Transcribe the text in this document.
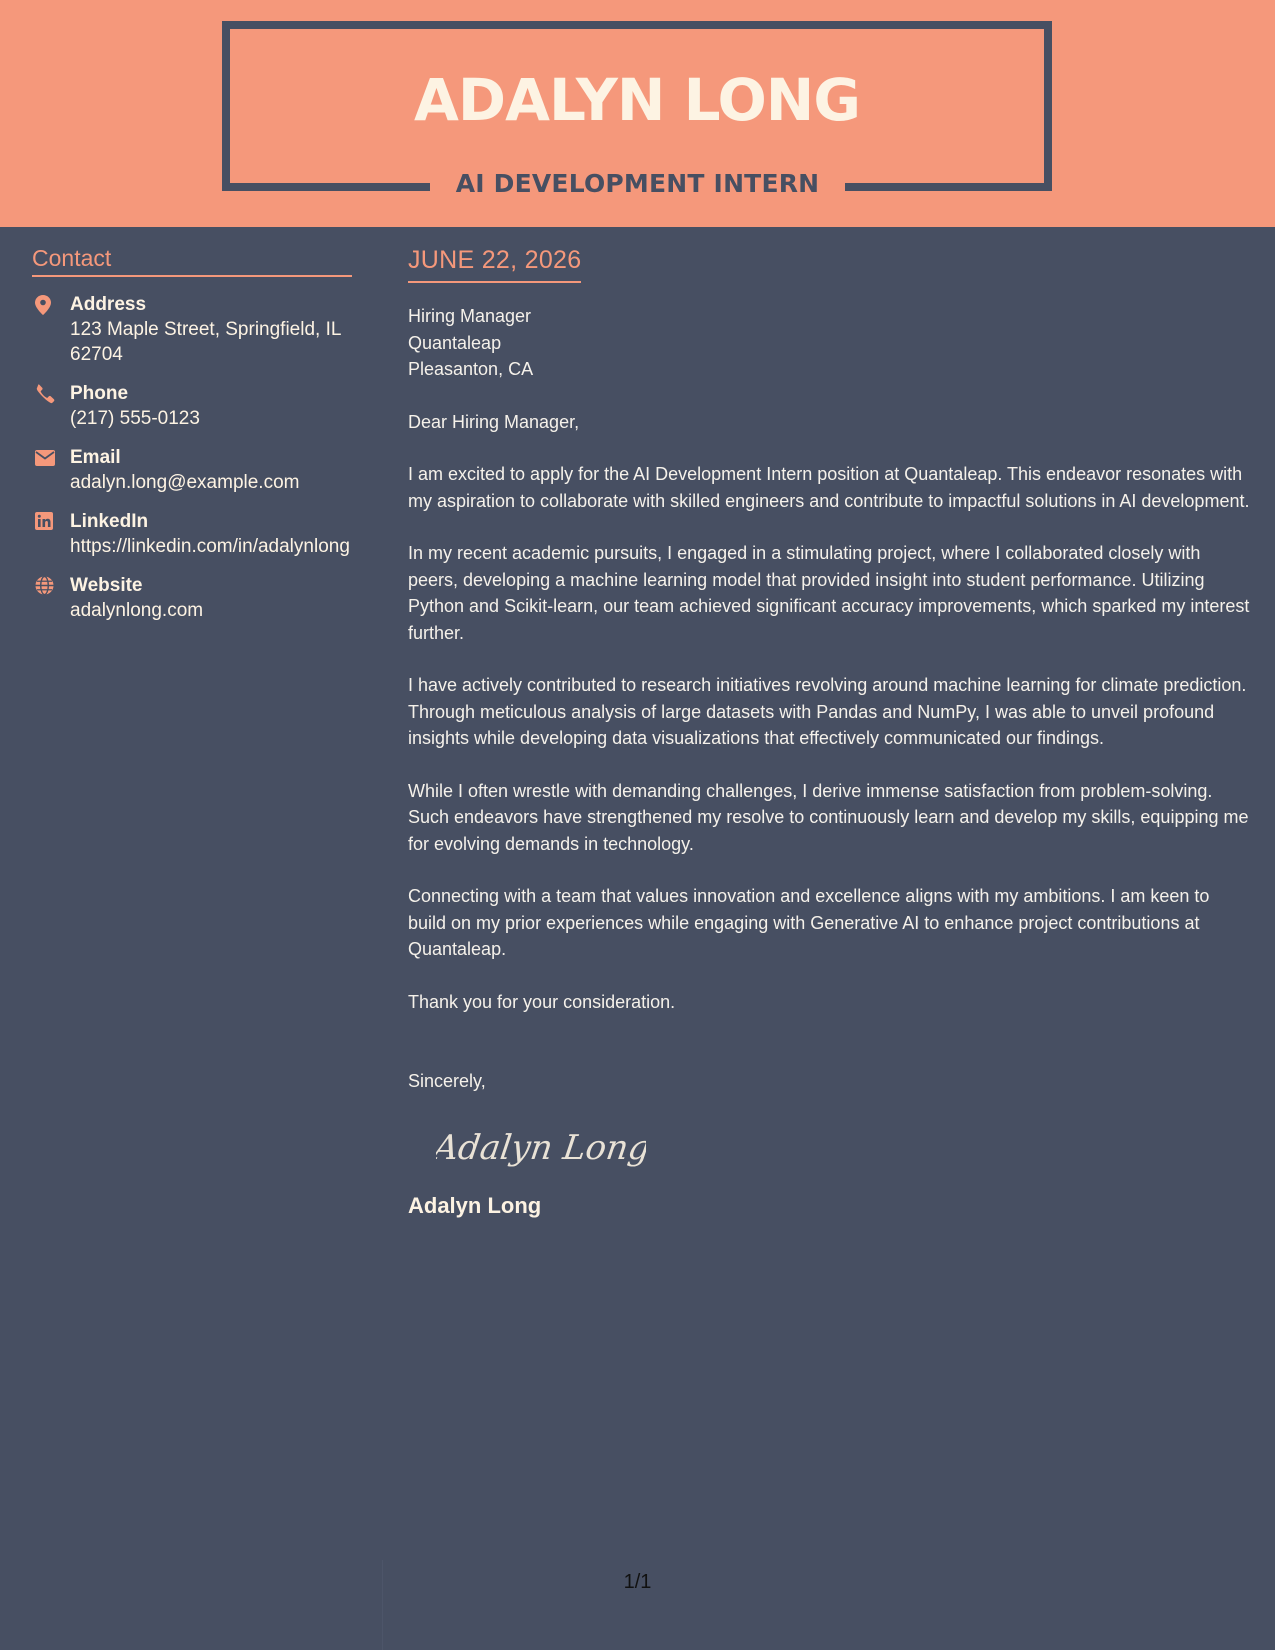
ADALYN LONG
AI DEVELOPMENT INTERN
Contact
Address
123 Maple Street, Springfield, IL 62704
Phone
(217) 555-0123
Email
adalyn.long@example.com
LinkedIn
https://linkedin.com/in/adalynlong
Website
adalynlong.com
JUNE 22, 2026
Hiring Manager
Quantaleap
Pleasanton, CA
Dear Hiring Manager,
I am excited to apply for the AI Development Intern position at Quantaleap. This endeavor resonates with my aspiration to collaborate with skilled engineers and contribute to impactful solutions in AI development.
In my recent academic pursuits, I engaged in a stimulating project, where I collaborated closely with peers, developing a machine learning model that provided insight into student performance. Utilizing Python and Scikit-learn, our team achieved significant accuracy improvements, which sparked my interest further.
I have actively contributed to research initiatives revolving around machine learning for climate prediction. Through meticulous analysis of large datasets with Pandas and NumPy, I was able to unveil profound insights while developing data visualizations that effectively communicated our findings.
While I often wrestle with demanding challenges, I derive immense satisfaction from problem-solving. Such endeavors have strengthened my resolve to continuously learn and develop my skills, equipping me for evolving demands in technology.
Connecting with a team that values innovation and excellence aligns with my ambitions. I am keen to build on my prior experiences while engaging with Generative AI to enhance project contributions at Quantaleap.
Thank you for your consideration.
Sincerely,
Adalyn Long
Adalyn Long
1/1
